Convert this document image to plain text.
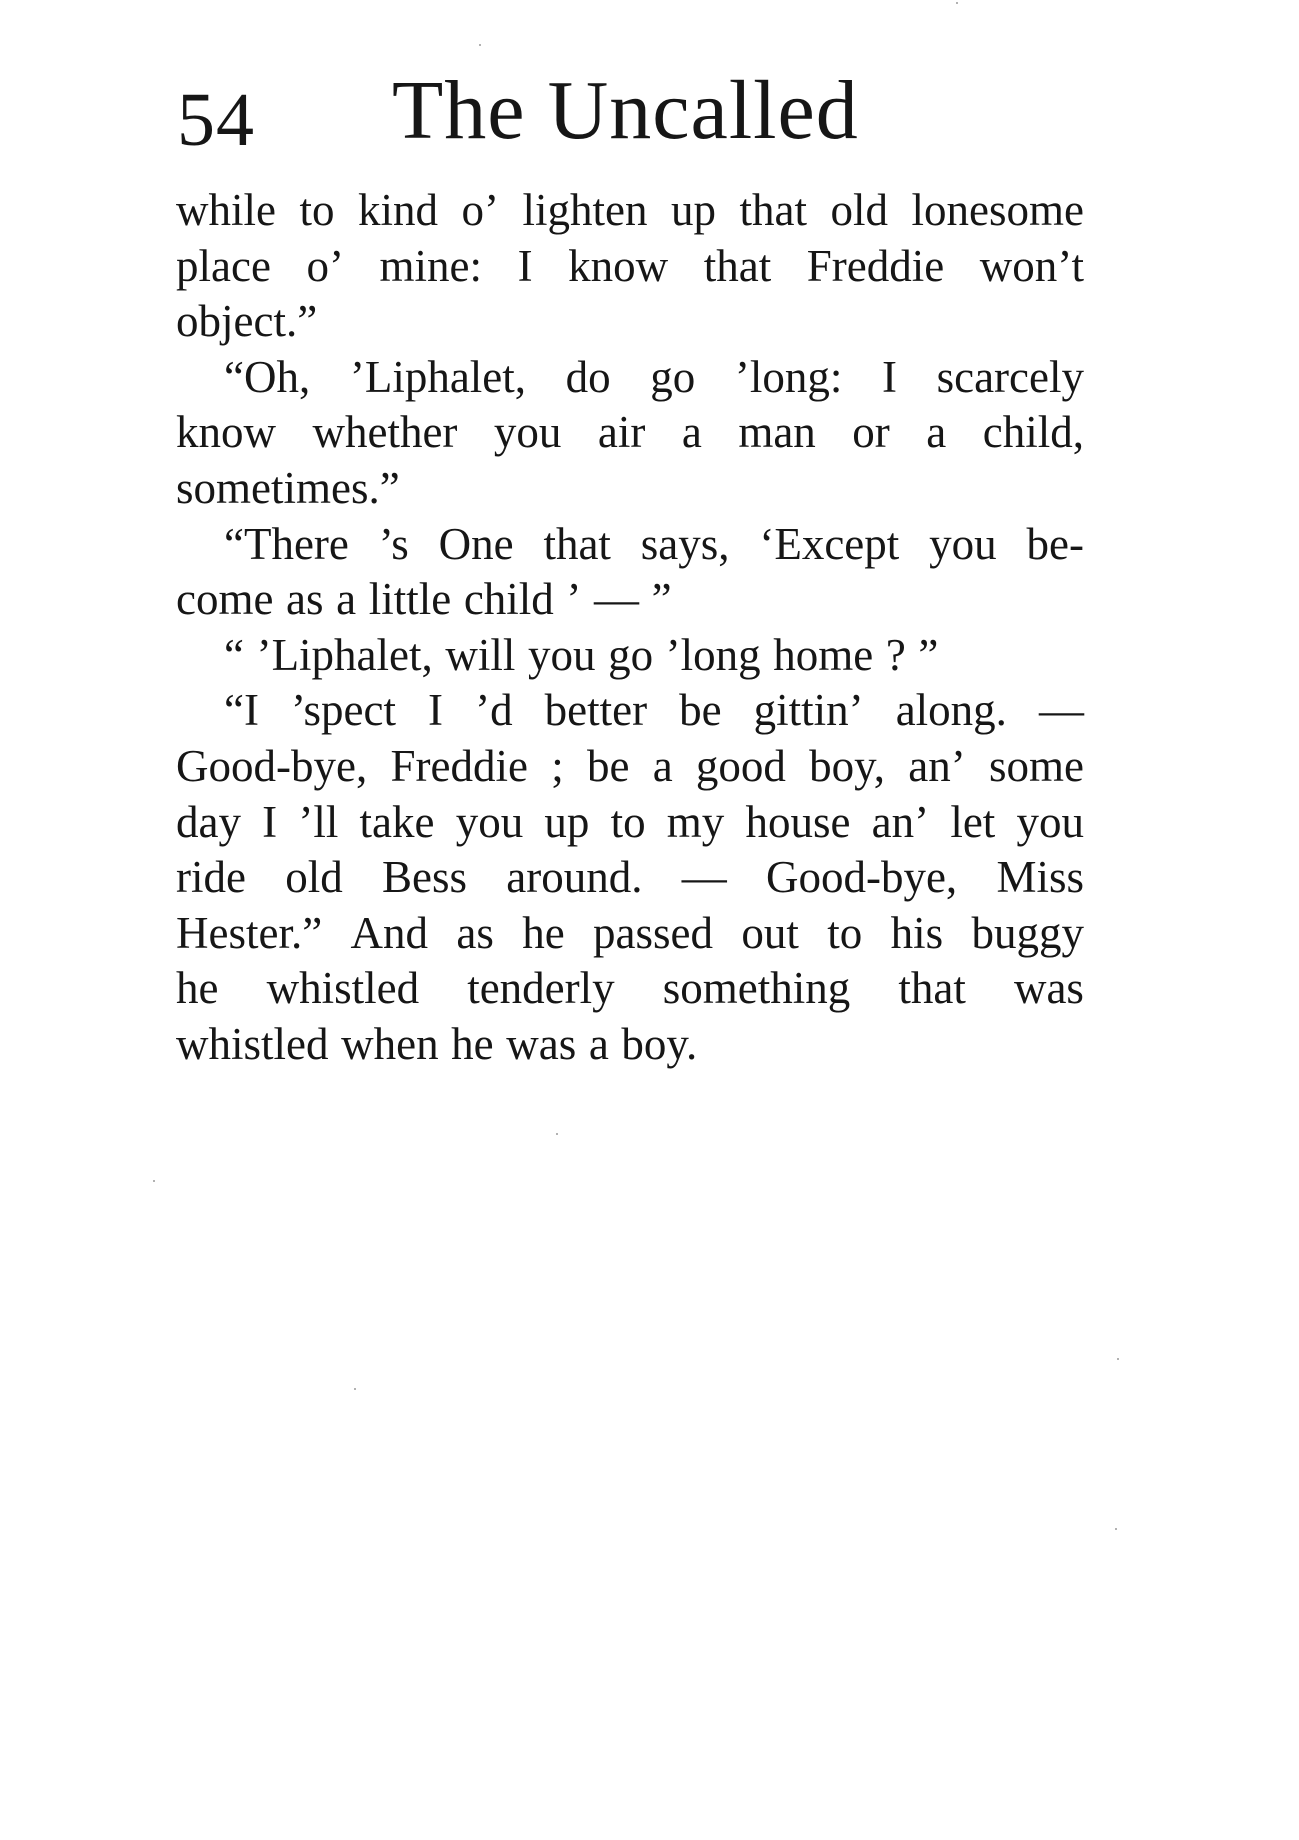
54 The Uncalled
while to kind o’ lighten up that old lonesome
place o’ mine: I know that Freddie won’t
object.”
“Oh, ’Liphalet, do go ’long: I scarcely
know whether you air a man or a child,
sometimes.”
“There ’s One that says, ‘Except you be-
come as a little child ’ — ”
“ ’Liphalet, will you go ’long home ? ”
“I ’spect I ’d better be gittin’ along. —
Good-bye, Freddie ; be a good boy, an’ some
day I ’ll take you up to my house an’ let you
ride old Bess around. — Good-bye, Miss
Hester.” And as he passed out to his buggy
he whistled tenderly something that was
whistled when he was a boy.
